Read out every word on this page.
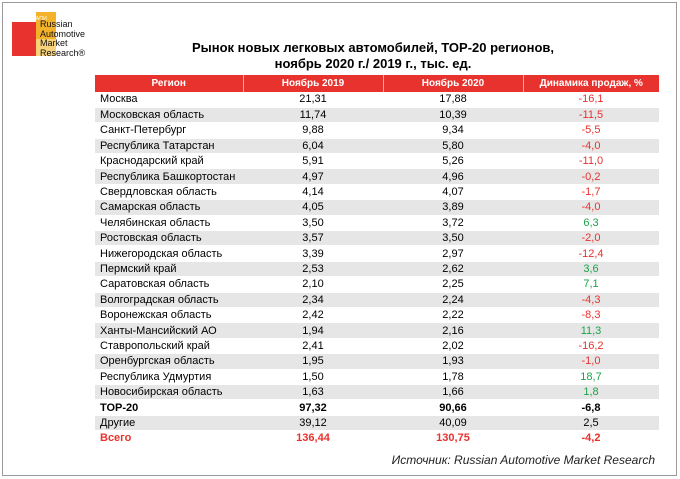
НАПИ
Russian
Automotive
Market
Research®	Рынок новых легковых автомобилей, ТОР-20 регионов,
ноябрь 2020 г./ 2019 г., тыс. ед.
Регион	Ноябрь 2019	Ноябрь 2020	Динамика продаж, %
Москва	21,31	17,88	-16,1
Московская область	11,74	10,39	-11,5
Санкт-Петербург	9,88	9,34	-5,5
Республика Татарстан	6,04	5,80	-4,0
Краснодарский край	5,91	5,26	-11,0
Республика Башкортостан	4,97	4,96	-0,2
Свердловская область	4,14	4,07	-1,7
Самарская область	4,05	3,89	-4,0
Челябинская область	3,50	3,72	6,3
Ростовская область	3,57	3,50	-2,0
Нижегородская область	3,39	2,97	-12,4
Пермский край	2,53	2,62	3,6
Саратовская область	2,10	2,25	7,1
Волгоградская область	2,34	2,24	-4,3
Воронежская область	2,42	2,22	-8,3
Ханты-Мансийский АО	1,94	2,16	11,3
Ставропольский край	2,41	2,02	-16,2
Оренбургская область	1,95	1,93	-1,0
Республика Удмуртия	1,50	1,78	18,7
Новосибирская область	1,63	1,66	1,8
ТОР-20	97,32	90,66	-6,8
Другие	39,12	40,09	2,5
Всего	136,44	130,75	-4,2
Источник: Russian Automotive Market Research
